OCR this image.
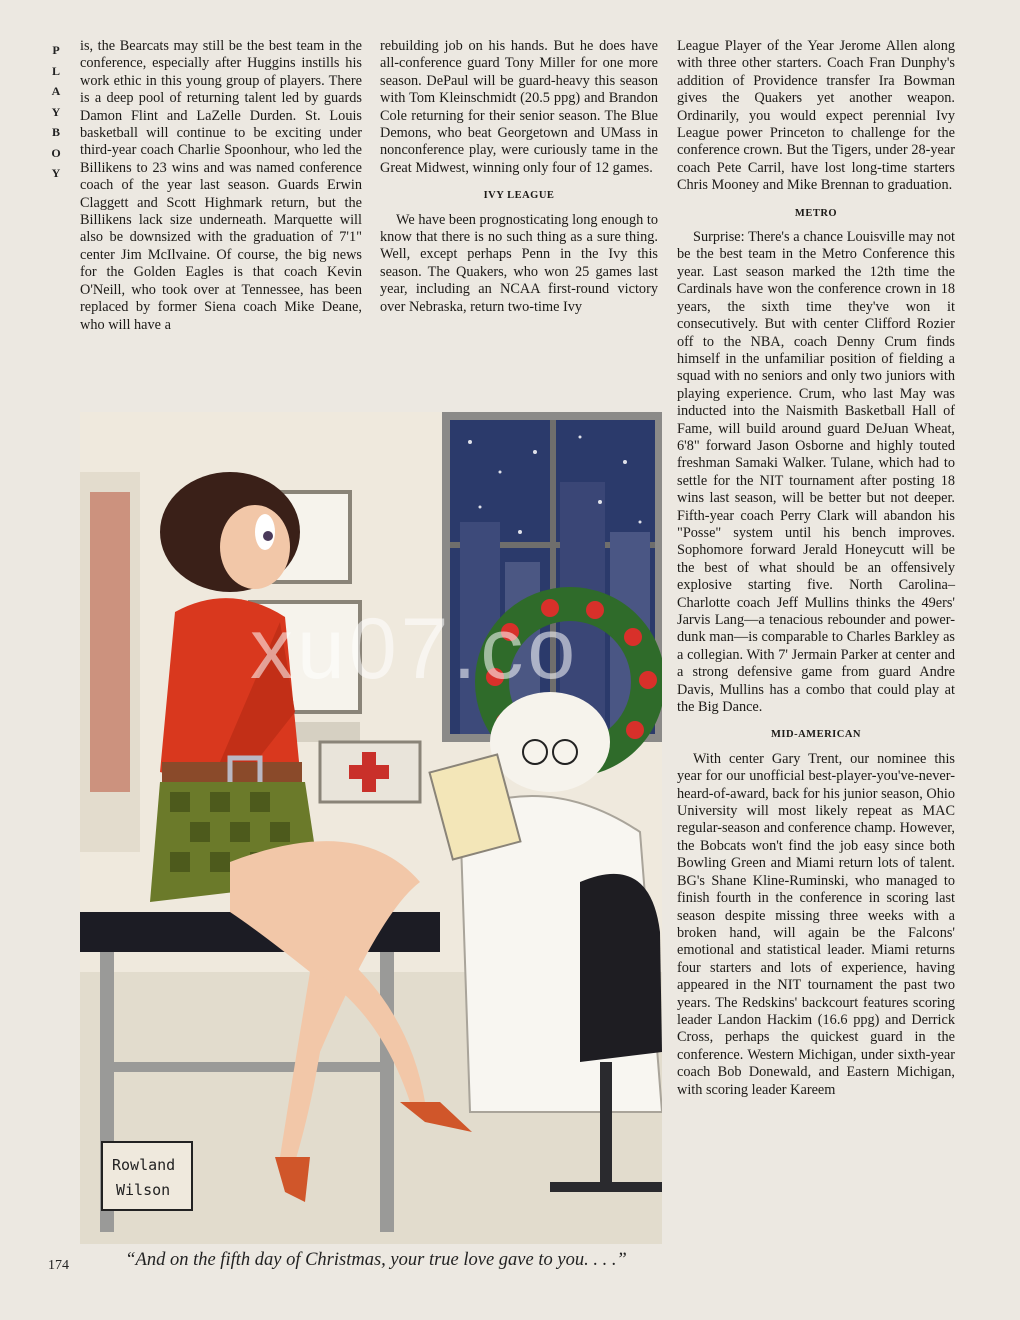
P
L
A
Y
B
O
Y

is, the Bearcats may still be the best team in the conference, especially after Huggins instills his work ethic in this young group of players. There is a deep pool of returning talent led by guards Damon Flint and LaZelle Durden. St. Louis basketball will continue to be exciting under third-year coach Charlie Spoonhour, who led the Billikens to 23 wins and was named conference coach of the year last season. Guards Erwin Claggett and Scott Highmark return, but the Billikens lack size underneath. Marquette will also be downsized with the graduation of 7'1" center Jim McIlvaine. Of course, the big news for the Golden Eagles is that coach Kevin O'Neill, who took over at Tennessee, has been replaced by former Siena coach Mike Deane, who will have a

rebuilding job on his hands. But he does have all-conference guard Tony Miller for one more season. DePaul will be guard-heavy this season with Tom Kleinschmidt (20.5 ppg) and Brandon Cole returning for their senior season. The Blue Demons, who beat Georgetown and UMass in nonconference play, were curiously tame in the Great Midwest, winning only four of 12 games.

IVY LEAGUE

We have been prognosticating long enough to know that there is no such thing as a sure thing. Well, except perhaps Penn in the Ivy this season. The Quakers, who won 25 games last year, including an NCAA first-round victory over Nebraska, return two-time Ivy

League Player of the Year Jerome Allen along with three other starters. Coach Fran Dunphy's addition of Providence transfer Ira Bowman gives the Quakers yet another weapon. Ordinarily, you would expect perennial Ivy League power Princeton to challenge for the conference crown. But the Tigers, under 28-year coach Pete Carril, have lost long-time starters Chris Mooney and Mike Brennan to graduation.

METRO

Surprise: There's a chance Louisville may not be the best team in the Metro Conference this year. Last season marked the 12th time the Cardinals have won the conference crown in 18 years, the sixth time they've won it consecutively. But with center Clifford Rozier off to the NBA, coach Denny Crum finds himself in the unfamiliar position of fielding a squad with no seniors and only two juniors with playing experience. Crum, who last May was inducted into the Naismith Basketball Hall of Fame, will build around guard DeJuan Wheat, 6'8" forward Jason Osborne and highly touted freshman Samaki Walker. Tulane, which had to settle for the NIT tournament after posting 18 wins last season, will be better but not deeper. Fifth-year coach Perry Clark will abandon his "Posse" system until his bench improves. Sophomore forward Jerald Honeycutt will be the best of what should be an offensively explosive starting five. North Carolina–Charlotte coach Jeff Mullins thinks the 49ers' Jarvis Lang—a tenacious rebounder and power-dunk man—is comparable to Charles Barkley as a collegian. With 7' Jermain Parker at center and a strong defensive game from guard Andre Davis, Mullins has a combo that could play at the Big Dance.

MID-AMERICAN

With center Gary Trent, our nominee this year for our unofficial best-player-you've-never-heard-of-award, back for his junior season, Ohio University will most likely repeat as MAC regular-season and conference champ. However, the Bobcats won't find the job easy since both Bowling Green and Miami return lots of talent. BG's Shane Kline-Ruminski, who managed to finish fourth in the conference in scoring last season despite missing three weeks with a broken hand, will again be the Falcons' emotional and statistical leader. Miami returns four starters and lots of experience, having appeared in the NIT tournament the past two years. The Redskins' backcourt features scoring leader Landon Hackim (16.6 ppg) and Derrick Cross, perhaps the quickest guard in the conference. Western Michigan, under sixth-year coach Bob Donewald, and Eastern Michigan, with scoring leader Kareem

Rowland
Wilson
xu07.co
174	“And on the fifth day of Christmas, your true love gave to you. . . .”
